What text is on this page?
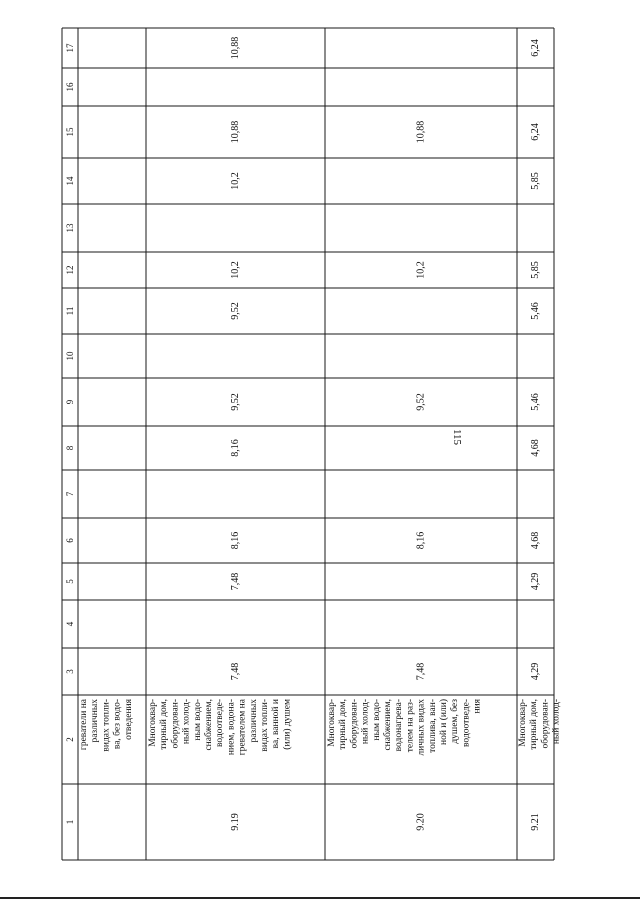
115
1
2
3
4
5
6
7
8
9
10
11
12
13
14
15
16
17
греватели на различных видах топли- ва, без водо- отведения
9.19
Многоквар- тирный дом, оборудован- ный холод- ным водо- снабжением, водоотведе- нием, водона- гревателем на различных видах топли- ва, ванной и (или) душем
7,48
7,48
8,16
8,16
9,52
9,52
10,2
10,2
10,88
10,88
9.20
Многоквар- тирный дом, оборудован- ный холод- ным водо- снабжением, водонагрева- телем на раз- личных видах топлива, ван- ной и (или) душем, без водоотведе- ния
7,48
8,16
9,52
10,2
10,88
9.21
Многоквар- тирный дом, оборудован- ный холод-
4,29
4,29
4,68
4,68
5,46
5,46
5,85
5,85
6,24
6,24
